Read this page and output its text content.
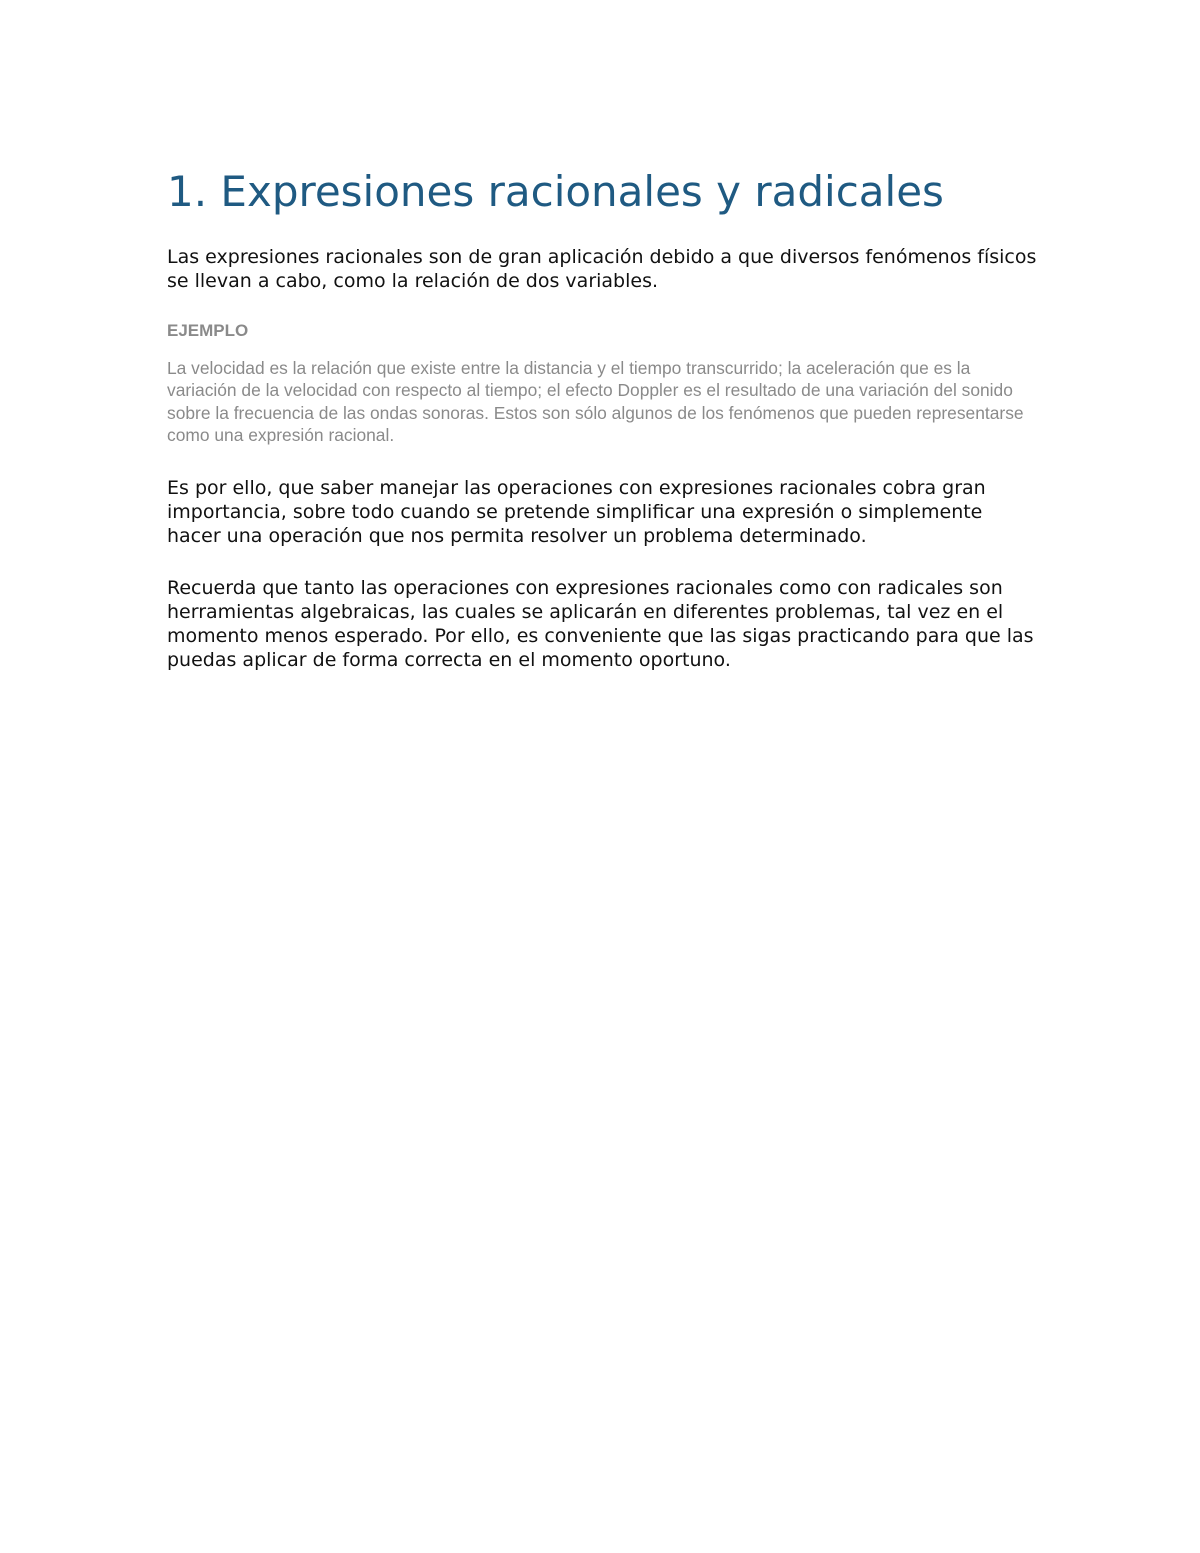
1. Expresiones racionales y radicales

Las expresiones racionales son de gran aplicación debido a que diversos fenómenos físicos se llevan a cabo, como la relación de dos variables.

EJEMPLO

La velocidad es la relación que existe entre la distancia y el tiempo transcurrido; la aceleración que es la variación de la velocidad con respecto al tiempo; el efecto Doppler es el resultado de una variación del sonido sobre la frecuencia de las ondas sonoras. Estos son sólo algunos de los fenómenos que pueden representarse como una expresión racional.

Es por ello, que saber manejar las operaciones con expresiones racionales cobra gran importancia, sobre todo cuando se pretende simplificar una expresión o simplemente hacer una operación que nos permita resolver un problema determinado.

Recuerda que tanto las operaciones con expresiones racionales como con radicales son herramientas algebraicas, las cuales se aplicarán en diferentes problemas, tal vez en el momento menos esperado. Por ello, es conveniente que las sigas practicando para que las puedas aplicar de forma correcta en el momento oportuno.
